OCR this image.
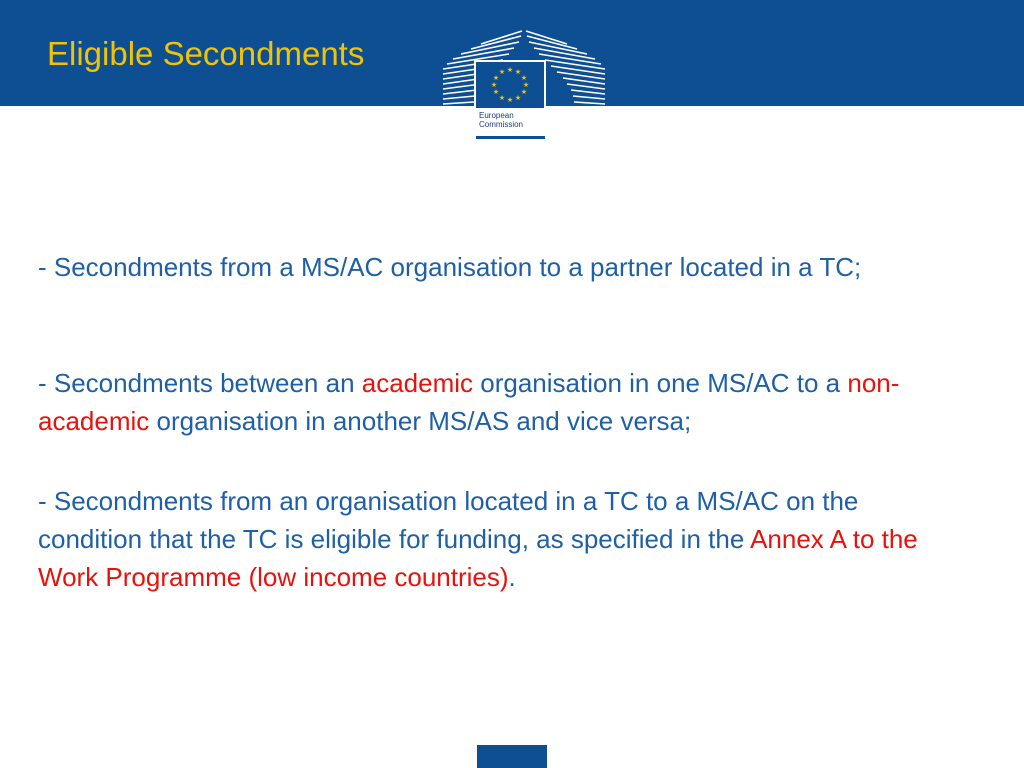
Eligible Secondments	★ ★
★
★
★
★
★
★
★
★
★
★
European
Commission

- Secondments from a MS/AC organisation to a partner located in a TC;

- Secondments between an academic organisation in one MS/AC to a non-academic organisation in another MS/AS and vice versa;

- Secondments from an organisation located in a TC to a MS/AC on the condition that the TC is eligible for funding, as specified in the Annex A to the Work Programme (low income countries).
